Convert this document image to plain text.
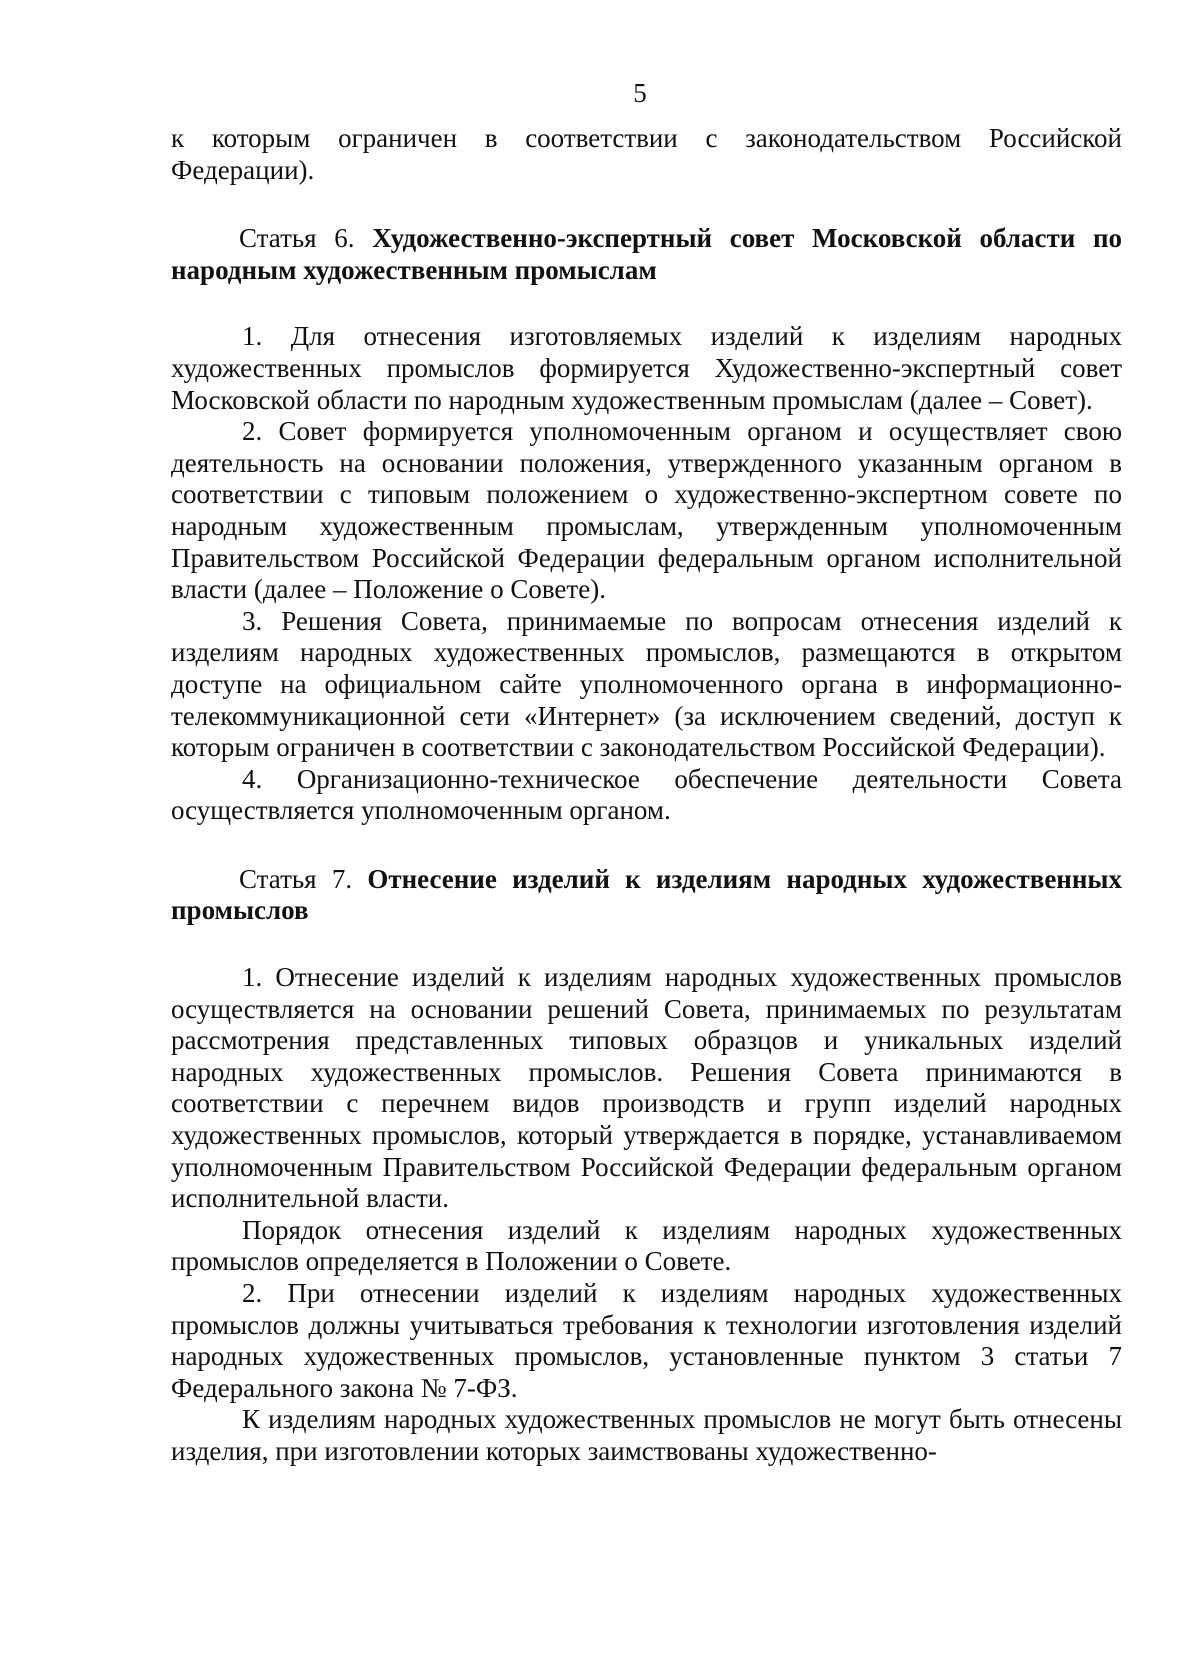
5

к которым ограничен в соответствии с законодательством Российской Федерации).

Статья 6. Художественно-экспертный совет Московской области по народным художественным промыслам

1. Для отнесения изготовляемых изделий к изделиям народных художественных промыслов формируется Художественно-экспертный совет Московской области по народным художественным промыслам (далее – Совет).

2. Совет формируется уполномоченным органом и осуществляет свою деятельность на основании положения, утвержденного указанным органом в соответствии с типовым положением о художественно-экспертном совете по народным художественным промыслам, утвержденным уполномоченным Правительством Российской Федерации федеральным органом исполнительной власти (далее – Положение о Совете).

3. Решения Совета, принимаемые по вопросам отнесения изделий к изделиям народных художественных промыслов, размещаются в открытом доступе на официальном сайте уполномоченного органа в информационно-телекоммуникационной сети «Интернет» (за исключением сведений, доступ к которым ограничен в соответствии с законодательством Российской Федерации).

4. Организационно-техническое обеспечение деятельности Совета осуществляется уполномоченным органом.

Статья 7. Отнесение изделий к изделиям народных художественных промыслов

1. Отнесение изделий к изделиям народных художественных промыслов осуществляется на основании решений Совета, принимаемых по результатам рассмотрения представленных типовых образцов и уникальных изделий народных художественных промыслов. Решения Совета принимаются в соответствии с перечнем видов производств и групп изделий народных художественных промыслов, который утверждается в порядке, устанавливаемом уполномоченным Правительством Российской Федерации федеральным органом исполнительной власти.

Порядок отнесения изделий к изделиям народных художественных промыслов определяется в Положении о Совете.

2. При отнесении изделий к изделиям народных художественных промыслов должны учитываться требования к технологии изготовления изделий народных художественных промыслов, установленные пунктом 3 статьи 7 Федерального закона № 7-ФЗ.

К изделиям народных художественных промыслов не могут быть отнесены изделия, при изготовлении которых заимствованы художественно-
